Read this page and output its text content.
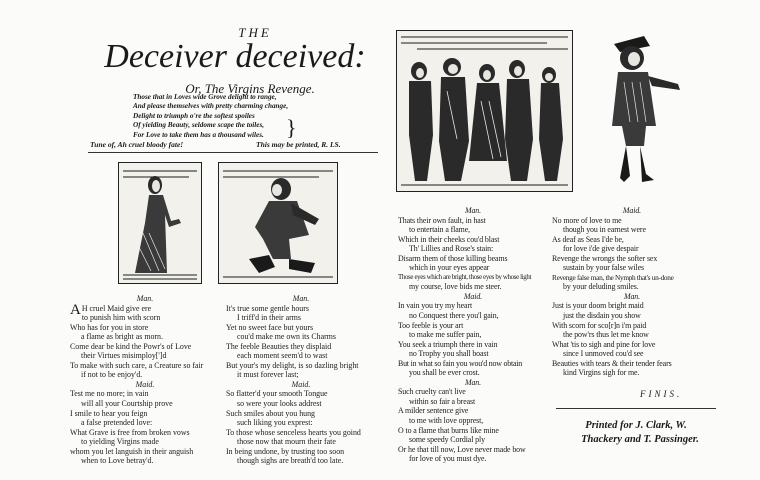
THE
Deceiver deceived:
Or, The Virgins Revenge.
Those that in Loves wide Grove delight to range,
And please themselves with pretty charming change,
Delight to triumph o're the softest spoiles
Of yielding Beauty, seldome scape the toiles,
For Love to take them has a thousand wiles.	}
Tune of, Ah cruel bloody fate!	This may be printed, R. LS.
Man.
A H cruel Maid give ere
to punish him with scorn
Who has for you in store
a flame as bright as morn.
Come dear be kind the Powr's of Love
their Virtues misimploy[']d
To make with such care, a Creature so fair
if not to be enjoy'd.
Maid.
Test me no more; in vain
will all your Courtship prove
I smile to hear you feign
a false pretended love:
What Grave is free from broken vows
to yielding Virgins made
whom you let languish in their anguish
when to Love betray'd.
Man.
It's true some gentle hours
I triff'd in their arms
Yet no sweet face but yours
cou'd make me own its Charms
The feeble Beauties they displaid
each moment seem'd to wast
But your's my delight, is so dazling bright
it must forever last;
Maid.
So flatter'd your smooth Tongue
so were your looks addrest
Such smiles about you hung
such liking you exprest:
To those whose senceless hearts you goind
those now that mourn their fate
In being undone, by trusting too soon
though sighs are breath'd too late.
Man.
Thats their own fault, in hast
to entertain a flame,
Which in their cheeks cou'd blast
Th' Lillies and Rose's stain:
Disarm them of those killing beams
which in your eyes appear
Those eyes which are bright, those eyes by whose light
my course, love bids me steer.
Maid.
In vain you try my heart
no Conquest there you'l gain,
Too feeble is your art
to make me suffer pain,
You seek a triumph there in vain
no Trophy you shall boast
But in what so fain you wou'd now obtain
you shall be ever crost.
Man.
Such cruelty can't live
within so fair a breast
A milder sentence give
to me with love opprest,
O to a flame that burns like mine
some speedy Cordial ply
Or he that till now, Love never made bow
for love of you must dye.
Maid.
No more of love to me
though you in earnest were
As deaf as Seas I'de be,
for love i'de give despair
Revenge the wrongs the softer sex
sustain by your false wiles
Revenge false man, the Nymph that's un-done
by your deluding smiles.
Man.
Just is your doom bright maid
just the disdain you show
With scorn for sco[r]n i'm paid
the pow'rs thus let me know
What 'tis to sigh and pine for love
since I unmoved cou'd see
Beauties with tears & their tender fears
kind Virgins sigh for me.
FINIS.
Printed for J. Clark, W.
Thackery and T. Passinger.
